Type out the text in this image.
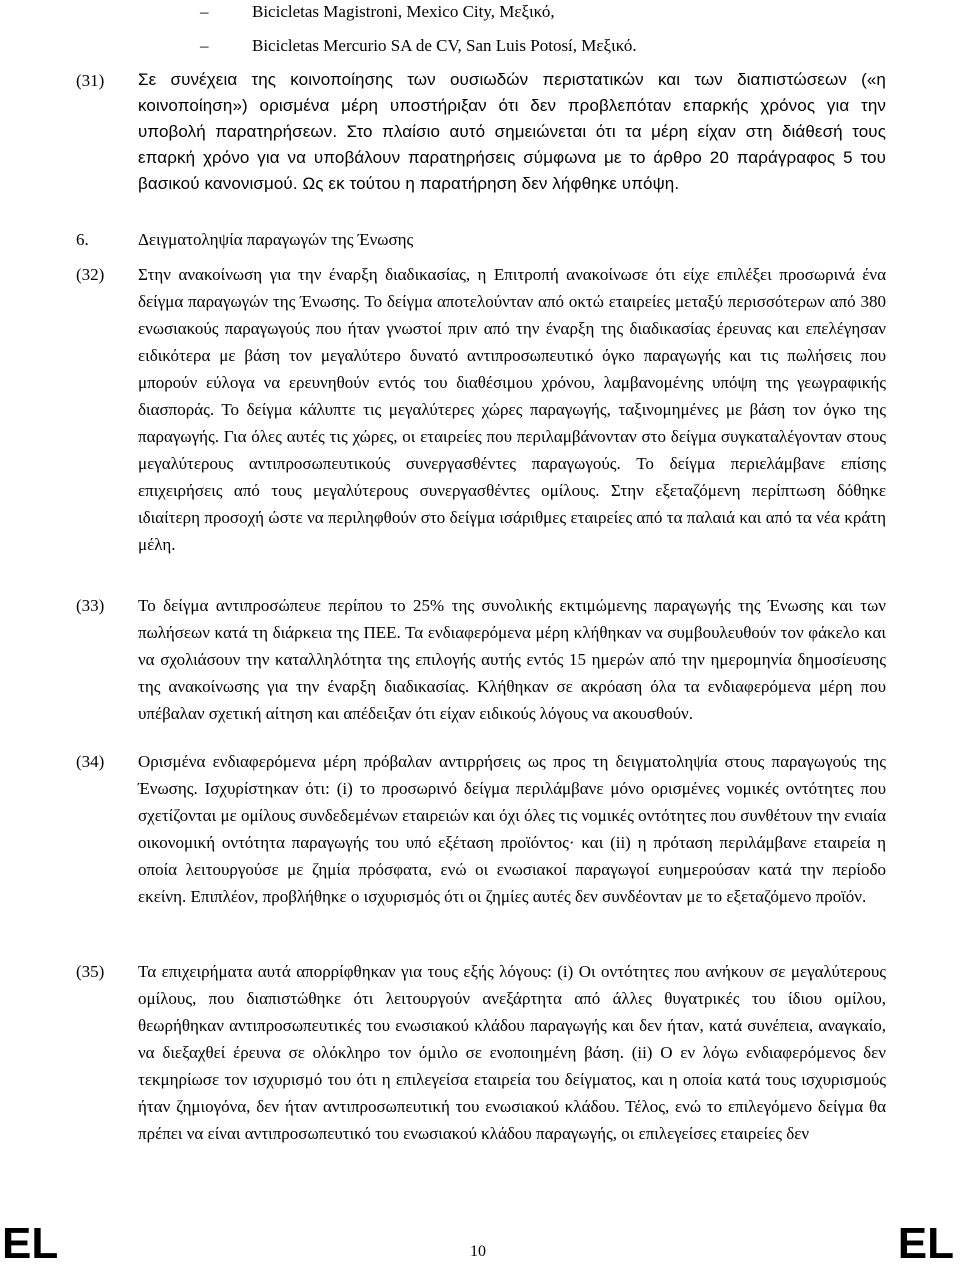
–	Bicicletas Magistroni, Mexico City, Μεξικό,
–	Bicicletas Mercurio SA de CV, San Luis Potosí, Μεξικό.
(31) Σε συνέχεια της κοινοποίησης των ουσιωδών περιστατικών και των διαπιστώσεων («η κοινοποίηση») ορισμένα μέρη υποστήριξαν ότι δεν προβλεπόταν επαρκής χρόνος για την υποβολή παρατηρήσεων. Στο πλαίσιο αυτό σημειώνεται ότι τα μέρη είχαν στη διάθεσή τους επαρκή χρόνο για να υποβάλουν παρατηρήσεις σύμφωνα με το άρθρο 20 παράγραφος 5 του βασικού κανονισμού. Ως εκ τούτου η παρατήρηση δεν λήφθηκε υπόψη.
6.	Δειγματοληψία παραγωγών της Ένωσης
(32) Στην ανακοίνωση για την έναρξη διαδικασίας, η Επιτροπή ανακοίνωσε ότι είχε επιλέξει προσωρινά ένα δείγμα παραγωγών της Ένωσης. Το δείγμα αποτελούνταν από οκτώ εταιρείες μεταξύ περισσότερων από 380 ενωσιακούς παραγωγούς που ήταν γνωστοί πριν από την έναρξη της διαδικασίας έρευνας και επελέγησαν ειδικότερα με βάση τον μεγαλύτερο δυνατό αντιπροσωπευτικό όγκο παραγωγής και τις πωλήσεις που μπορούν εύλογα να ερευνηθούν εντός του διαθέσιμου χρόνου, λαμβανομένης υπόψη της γεωγραφικής διασποράς. Το δείγμα κάλυπτε τις μεγαλύτερες χώρες παραγωγής, ταξινομημένες με βάση τον όγκο της παραγωγής. Για όλες αυτές τις χώρες, οι εταιρείες που περιλαμβάνονταν στο δείγμα συγκαταλέγονταν στους μεγαλύτερους αντιπροσωπευτικούς συνεργασθέντες παραγωγούς. Το δείγμα περιελάμβανε επίσης επιχειρήσεις από τους μεγαλύτερους συνεργασθέντες ομίλους. Στην εξεταζόμενη περίπτωση δόθηκε ιδιαίτερη προσοχή ώστε να περιληφθούν στο δείγμα ισάριθμες εταιρείες από τα παλαιά και από τα νέα κράτη μέλη.
(33) Το δείγμα αντιπροσώπευε περίπου το 25% της συνολικής εκτιμώμενης παραγωγής της Ένωσης και των πωλήσεων κατά τη διάρκεια της ΠΕΕ. Τα ενδιαφερόμενα μέρη κλήθηκαν να συμβουλευθούν τον φάκελο και να σχολιάσουν την καταλληλότητα της επιλογής αυτής εντός 15 ημερών από την ημερομηνία δημοσίευσης της ανακοίνωσης για την έναρξη διαδικασίας. Κλήθηκαν σε ακρόαση όλα τα ενδιαφερόμενα μέρη που υπέβαλαν σχετική αίτηση και απέδειξαν ότι είχαν ειδικούς λόγους να ακουσθούν.
(34) Ορισμένα ενδιαφερόμενα μέρη πρόβαλαν αντιρρήσεις ως προς τη δειγματοληψία στους παραγωγούς της Ένωσης. Ισχυρίστηκαν ότι: (i) το προσωρινό δείγμα περιλάμβανε μόνο ορισμένες νομικές οντότητες που σχετίζονται με ομίλους συνδεδεμένων εταιρειών και όχι όλες τις νομικές οντότητες που συνθέτουν την ενιαία οικονομική οντότητα παραγωγής του υπό εξέταση προϊόντος· και (ii) η πρόταση περιλάμβανε εταιρεία η οποία λειτουργούσε με ζημία πρόσφατα, ενώ οι ενωσιακοί παραγωγοί ευημερούσαν κατά την περίοδο εκείνη. Επιπλέον, προβλήθηκε ο ισχυρισμός ότι οι ζημίες αυτές δεν συνδέονταν με το εξεταζόμενο προϊόν.
(35) Τα επιχειρήματα αυτά απορρίφθηκαν για τους εξής λόγους: (i) Οι οντότητες που ανήκουν σε μεγαλύτερους ομίλους, που διαπιστώθηκε ότι λειτουργούν ανεξάρτητα από άλλες θυγατρικές του ίδιου ομίλου, θεωρήθηκαν αντιπροσωπευτικές του ενωσιακού κλάδου παραγωγής και δεν ήταν, κατά συνέπεια, αναγκαίο, να διεξαχθεί έρευνα σε ολόκληρο τον όμιλο σε ενοποιημένη βάση. (ii) Ο εν λόγω ενδιαφερόμενος δεν τεκμηρίωσε τον ισχυρισμό του ότι η επιλεγείσα εταιρεία του δείγματος, και η οποία κατά τους ισχυρισμούς ήταν ζημιογόνα, δεν ήταν αντιπροσωπευτική του ενωσιακού κλάδου. Τέλος, ενώ το επιλεγόμενο δείγμα θα πρέπει να είναι αντιπροσωπευτικό του ενωσιακού κλάδου παραγωγής, οι επιλεγείσες εταιρείες δεν
EL	10	EL
